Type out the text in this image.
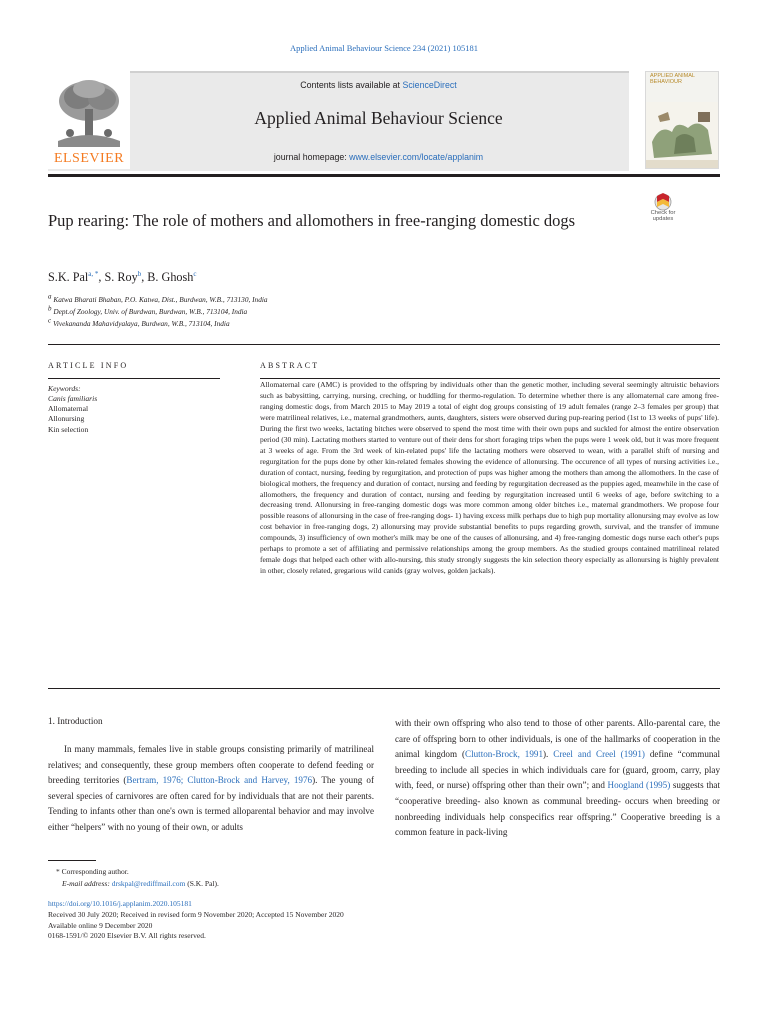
Applied Animal Behaviour Science 234 (2021) 105181
ELSEVIER
Contents lists available at ScienceDirect
Applied Animal Behaviour Science
journal homepage: www.elsevier.com/locate/applanim
APPLIED ANIMAL BEHAVIOUR
Pup rearing: The role of mothers and allomothers in free-ranging domestic dogs	Check for updates
S.K. Pal$^{a, *}$, S. Roy$^b$, B. Ghosh$^c$
$^a$ Katwa Bharati Bhaban, P.O. Katwa, Dist., Burdwan, W.B., 713130, India
$^b$ Dept.of Zoology, Univ. of Burdwan, Burdwan, W.B., 713104, India
$^c$ Vivekananda Mahavidyalaya, Burdwan, W.B., 713104, India
ARTICLE INFO
Keywords:
Canis familiaris
Allomaternal
Allonursing
Kin selection
ABSTRACT
Allomaternal care (AMC) is provided to the offspring by individuals other than the genetic mother, including several seemingly altruistic behaviors such as babysitting, carrying, nursing, creching, or huddling for thermo-regulation. To determine whether there is any allomaternal care among free-ranging domestic dogs, from March 2015 to May 2019 a total of eight dog groups consisting of 19 adult females (range 2–3 females per group) that were matrilineal relatives, i.e., maternal grandmothers, aunts, daughters, sisters were observed during pup-rearing period (1st to 13 weeks of pups' life). During the first two weeks, lactating bitches were observed to spend the most time with their own pups and suckled for almost the entire observation period (30 min). Lactating mothers started to venture out of their dens for short foraging trips when the pups were 1 week old, but it was more frequent at 3 weeks of age. From the 3rd week of kin-related pups' life the lactating mothers were observed to wean, with a parallel shift of nursing and regurgitation for the pups done by other kin-related females showing the evidence of allonursing. The occurence of all types of nursing activities i.e., duration of contact, nursing, feeding by regurgitation, and protection of pups was higher among the mothers than among the allomothers. In the case of biological mothers, the frequency and duration of contact, nursing and feeding by regurgitation decreased as the puppies aged, meanwhile in the case of allomothers, the frequency and duration of contact, nursing and feeding by regurgitation increased until 6 weeks of age, before switching to a decreasing trend. Allonursing in free-ranging domestic dogs was more common among older bitches i.e., maternal grandmothers. We propose four possible reasons of allonursing in the case of free-ranging dogs- 1) having excess milk perhaps due to high pup mortality allonursing may evolve as low cost behavior in free-ranging dogs, 2) allonursing may provide substantial benefits to pups regarding growth, survival, and the transfer of immune compounds, 3) insufficiency of own mother's milk may be one of the causes of allonursing, and 4) free-ranging domestic dogs nurse each other's pups perhaps to promote a set of affiliating and permissive relationships among the group members. As the studied groups contained matrilineal related female dogs that helped each other with allo-nursing, this study strongly suggests the kin selection theory especially as allonursing is highly prevalent in other, closely related, gregarious wild canids (gray wolves, golden jackals).
1. Introduction
In many mammals, females live in stable groups consisting primarily of matrilineal relatives; and consequently, these group members often cooperate to defend feeding or breeding territories (Bertram, 1976; Clutton-Brock and Harvey, 1976). The young of several species of carnivores are often cared for by individuals that are not their parents. Tending to infants other than one's own is termed alloparental behavior and may involve either “helpers” with no young of their own, or adults
with their own offspring who also tend to those of other parents. Allo-parental care, the care of offspring born to other individuals, is one of the hallmarks of cooperation in the animal kingdom (Clutton-Brock, 1991). Creel and Creel (1991) define “communal breeding to include all species in which individuals care for (guard, groom, carry, play with, feed, or nurse) offspring other than their own”; and Hoogland (1995) suggests that “cooperative breeding- also known as communal breeding- occurs when breeding or nonbreeding individuals help conspecifics rear offspring.” Cooperative breeding is a common feature in pack-living
* Corresponding author.
E-mail address: drskpal@rediffmail.com (S.K. Pal).
https://doi.org/10.1016/j.applanim.2020.105181
Received 30 July 2020; Received in revised form 9 November 2020; Accepted 15 November 2020
Available online 9 December 2020
0168-1591/© 2020 Elsevier B.V. All rights reserved.
